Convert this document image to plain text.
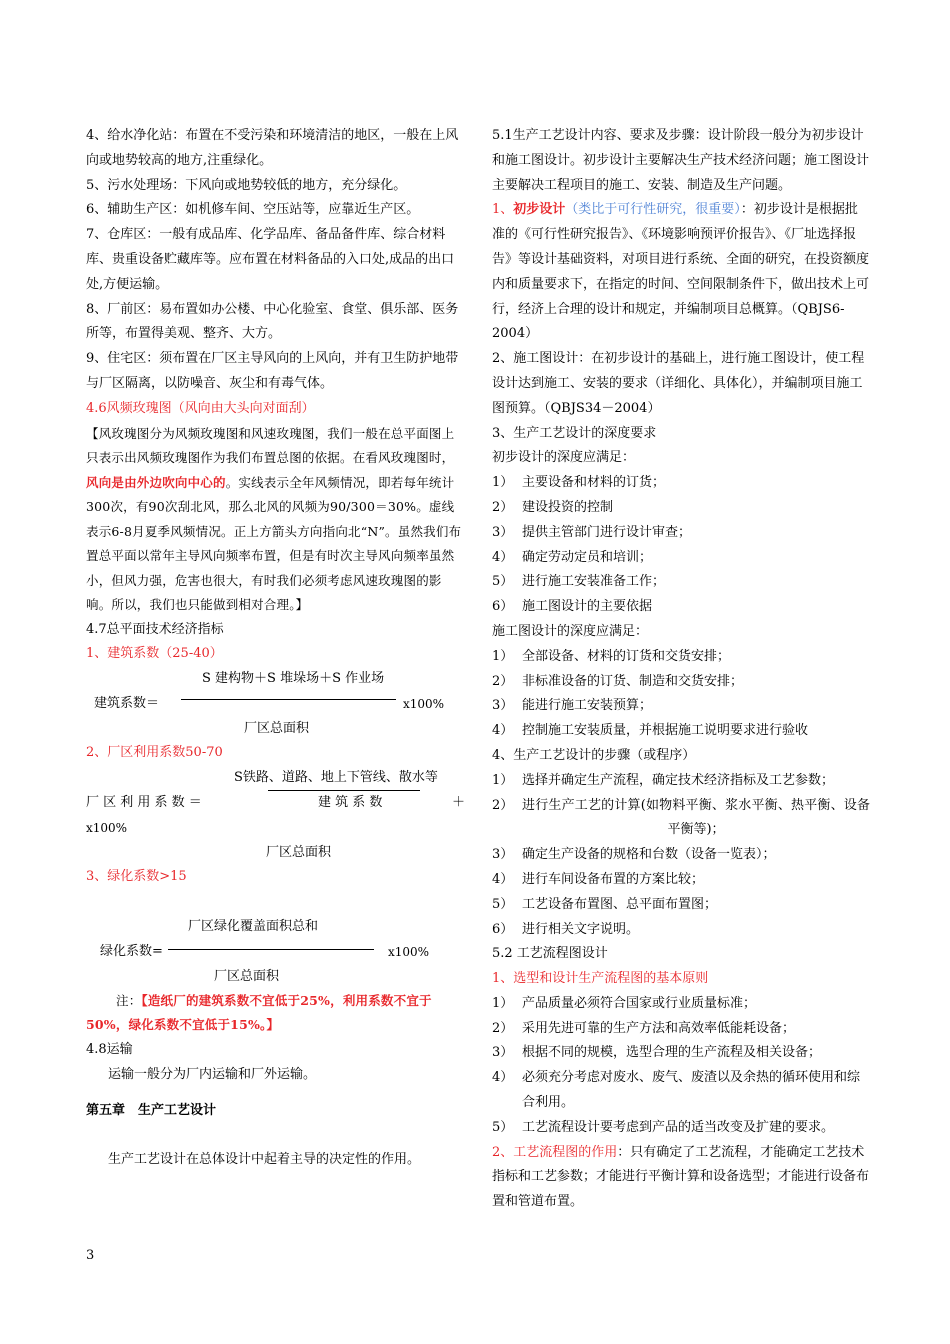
4、给水净化站：布置在不受污染和环境清洁的地区，一般在上风向或地势较高的地方,注重绿化。

5、污水处理场：下风向或地势较低的地方，充分绿化。

6、辅助生产区：如机修车间、空压站等，应靠近生产区。

7、仓库区：一般有成品库、化学品库、备品备件库、综合材料库、贵重设备贮藏库等。应布置在材料备品的入口处,成品的出口处,方便运输。

8、厂前区：易布置如办公楼、中心化验室、食堂、俱乐部、医务所等，布置得美观、整齐、大方。

9、住宅区：须布置在厂区主导风向的上风向，并有卫生防护地带与厂区隔离，以防噪音、灰尘和有毒气体。

4.6风频玫瑰图（风向由大头向对面刮）

【风玫瑰图分为风频玫瑰图和风速玫瑰图，我们一般在总平面图上只表示出风频玫瑰图作为我们布置总图的依据。在看风玫瑰图时，风向是由外边吹向中心的。实线表示全年风频情况，即若每年统计300次，有90次刮北风，那么北风的风频为90/300＝30%。虚线表示6-8月夏季风频情况。正上方箭头方向指向北“N”。虽然我们布置总平面以常年主导风向频率布置，但是有时次主导风向频率虽然小，但风力强，危害也很大，有时我们必须考虑风速玫瑰图的影响。所以，我们也只能做到相对合理。】

4.7总平面技术经济指标

1、建筑系数（25-40）

S 建构物＋S 堆垛场＋S 作业场
建筑系数＝	x100%
厂区总面积

2、厂区利用系数50-70

S铁路、道路、地上下管线、散水等
厂 区 利 用 系 数 ＝	建 筑 系 数	＋
x100%
厂区总面积

3、绿化系数>15

厂区绿化覆盖面积总和
绿化系数=	x100%
厂区总面积

注：【造纸厂的建筑系数不宜低于25%，利用系数不宜于50%，绿化系数不宜低于15%。】

4.8运输

运输一般分为厂内运输和厂外运输。

第五章　生产工艺设计

生产工艺设计在总体设计中起着主导的决定性的作用。

5.1生产工艺设计内容、要求及步骤：设计阶段一般分为初步设计和施工图设计。初步设计主要解决生产技术经济问题；施工图设计主要解决工程项目的施工、安装、制造及生产问题。

1、初步设计（类比于可行性研究，很重要）：初步设计是根据批准的《可行性研究报告》、《环境影响预评价报告》、《厂址选择报告》等设计基础资料，对项目进行系统、全面的研究，在投资额度内和质量要求下，在指定的时间、空间限制条件下，做出技术上可行，经济上合理的设计和规定，并编制项目总概算。（QBJS6-2004）

2、施工图设计：在初步设计的基础上，进行施工图设计，使工程设计达到施工、安装的要求（详细化、具体化），并编制项目施工图预算。（QBJS34－2004）

3、生产工艺设计的深度要求

初步设计的深度应满足：

1） 主要设备和材料的订货；
2） 建设投资的控制
3） 提供主管部门进行设计审查；
4） 确定劳动定员和培训；
5） 进行施工安装准备工作；
6） 施工图设计的主要依据

施工图设计的深度应满足：

1） 全部设备、材料的订货和交货安排；
2） 非标准设备的订货、制造和交货安排；
3） 能进行施工安装预算；
4） 控制施工安装质量，并根据施工说明要求进行验收

4、生产工艺设计的步骤（或程序）

1） 选择并确定生产流程，确定技术经济指标及工艺参数；
2） 进行生产工艺的计算(如物料平衡、浆水平衡、热平衡、设备平衡等)；
3） 确定生产设备的规格和台数（设备一览表）；
4） 进行车间设备布置的方案比较；
5） 工艺设备布置图、总平面布置图；
6） 进行相关文字说明。

5.2 工艺流程图设计

1、选型和设计生产流程图的基本原则

1） 产品质量必须符合国家或行业质量标准；
2） 采用先进可靠的生产方法和高效率低能耗设备；
3） 根据不同的规模，选型合理的生产流程及相关设备；
4） 必须充分考虑对废水、废气、废渣以及余热的循环使用和综合利用。
5） 工艺流程设计要考虑到产品的适当改变及扩建的要求。

2、工艺流程图的作用：只有确定了工艺流程，才能确定工艺技术指标和工艺参数；才能进行平衡计算和设备选型；才能进行设备布置和管道布置。

3
